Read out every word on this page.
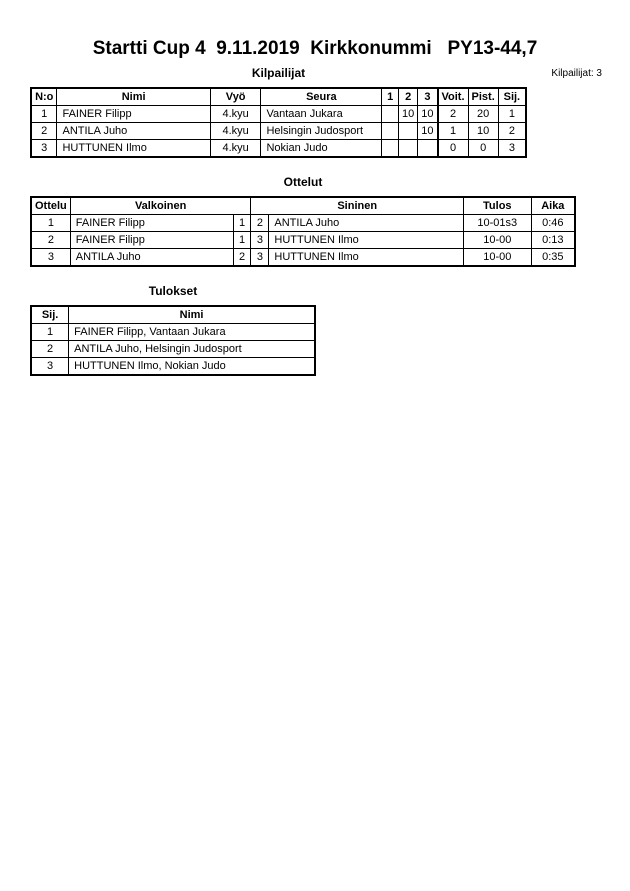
Startti Cup 4  9.11.2019  Kirkkonummi   PY13-44,7
Kilpailijat: 3
Kilpailijat
N:o	Nimi	Vyö	Seura	1	2	3	Voit.	Pist.	Sij.
1	FAINER Filipp	4.kyu	Vantaan Jukara		10	10	2	20	1
2	ANTILA Juho	4.kyu	Helsingin Judosport			10	1	10	2
3	HUTTUNEN Ilmo	4.kyu	Nokian Judo				0	0	3
Ottelut
Ottelu	Valkoinen		Sininen		Tulos	Aika
1	FAINER Filipp	1	2	ANTILA Juho	10-01s3	0:46
2	FAINER Filipp	1	3	HUTTUNEN Ilmo	10-00	0:13
3	ANTILA Juho	2	3	HUTTUNEN Ilmo	10-00	0:35
Tulokset
Sij.	Nimi
1	FAINER Filipp, Vantaan Jukara
2	ANTILA Juho, Helsingin Judosport
3	HUTTUNEN Ilmo, Nokian Judo
